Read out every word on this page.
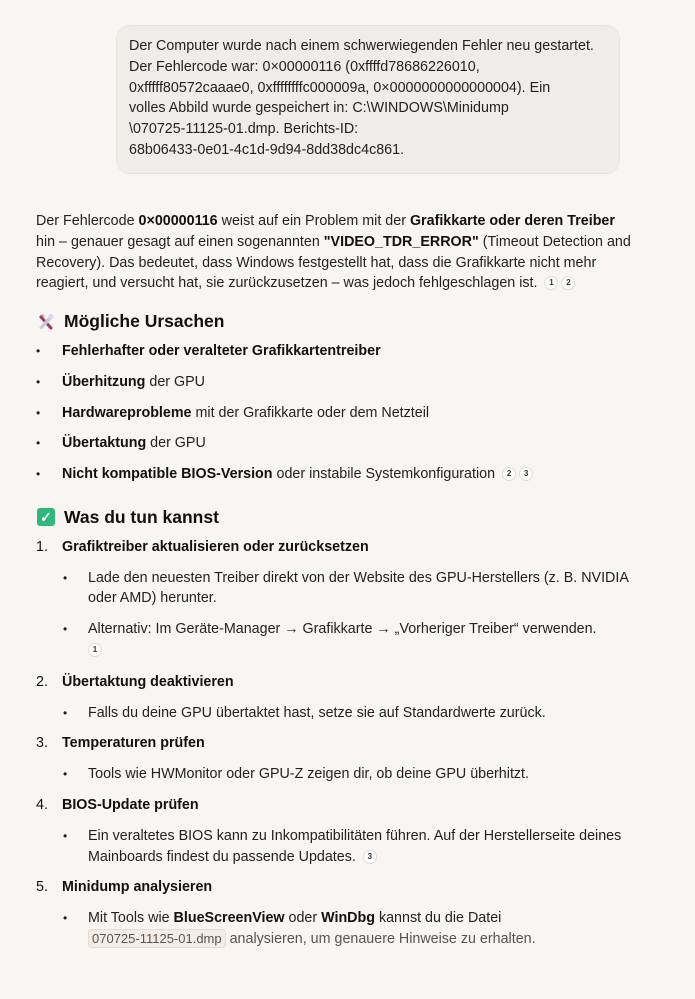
Der Computer wurde nach einem schwerwiegenden Fehler neu gestartet.
Der Fehlercode war: 0×00000116 (0xffffd78686226010,
0xfffff80572caaae0, 0xffffffffc000009a, 0×0000000000000004). Ein
volles Abbild wurde gespeichert in: C:\WINDOWS\Minidump
\070725-11125-01.dmp. Berichts-ID:
68b06433-0e01-4c1d-9d94-8dd38dc4c861.

Der Fehlercode 0×00000116 weist auf ein Problem mit der Grafikkarte oder deren Treiber hin – genauer gesagt auf einen sogenannten "VIDEO_TDR_ERROR" (Timeout Detection and Recovery). Das bedeutet, dass Windows festgestellt hat, dass die Grafikkarte nicht mehr reagiert, und versucht hat, sie zurückzusetzen – was jedoch fehlgeschlagen ist. 1 2

Mögliche Ursachen
• Fehlerhafter oder veralteter Grafikkartentreiber
• Überhitzung der GPU
• Hardwareprobleme mit der Grafikkarte oder dem Netzteil
• Übertaktung der GPU
• Nicht kompatible BIOS-Version oder instabile Systemkonfiguration 2 3
✓ Was du tun kannst
1. Grafiktreiber aktualisieren oder zurücksetzen
• Lade den neuesten Treiber direkt von der Website des GPU-Herstellers (z. B. NVIDIA oder AMD) herunter.
• Alternativ: Im Geräte-Manager → Grafikkarte → „Vorheriger Treiber“ verwenden.
1
2. Übertaktung deaktivieren
• Falls du deine GPU übertaktet hast, setze sie auf Standardwerte zurück.
3. Temperaturen prüfen
• Tools wie HWMonitor oder GPU-Z zeigen dir, ob deine GPU überhitzt.
4. BIOS-Update prüfen
• Ein veraltetes BIOS kann zu Inkompatibilitäten führen. Auf der Herstellerseite deines Mainboards findest du passende Updates. 3
5. Minidump analysieren
• Mit Tools wie BlueScreenView oder WinDbg kannst du die Datei
070725-11125-01.dmp analysieren, um genauere Hinweise zu erhalten.
